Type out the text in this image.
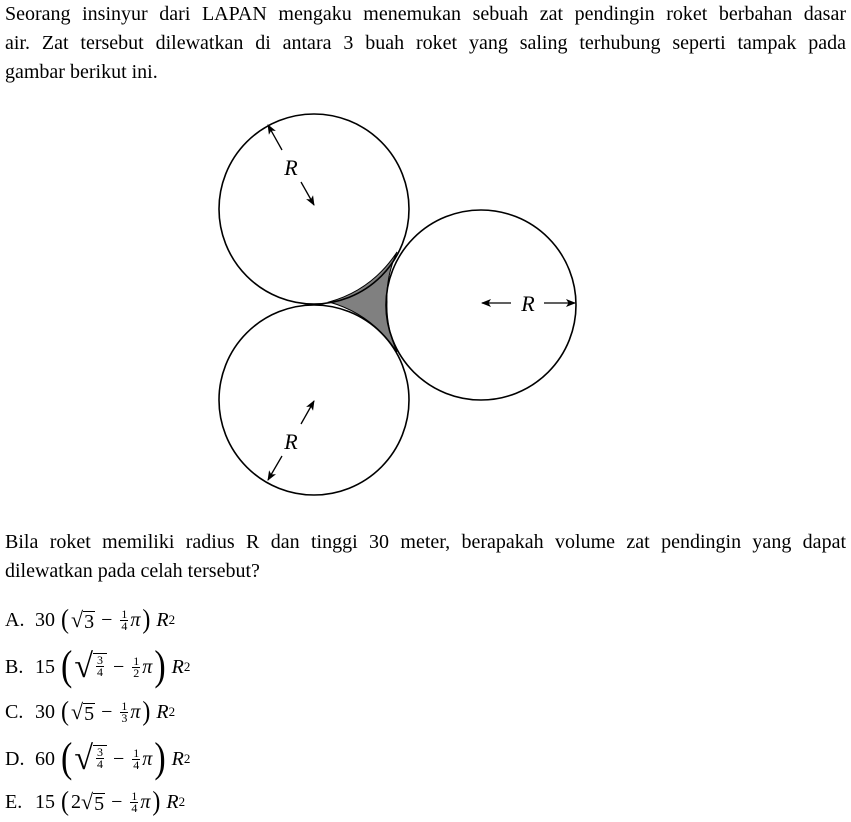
Seorang insinyur dari LAPAN mengaku menemukan sebuah zat pendingin roket berbahan dasar
air. Zat tersebut dilewatkan di antara 3 buah roket yang saling terhubung seperti tampak pada
gambar berikut ini.
R
R
R
Bila roket memiliki radius R dan tinggi 30 meter, berapakah volume zat pendingin yang dapat
dilewatkan pada celah tersebut?
A. 30 ( √ $3 - \frac{1}{4}$ π ) R 2
B. 15 ( √ $\frac{3}{4} - \frac{1}{2}$ π ) R 2
C. 30 ( √ $5 - \frac{1}{3}$ π ) R 2
D. 60 ( √ $\frac{3}{4} - \frac{1}{4}$ π ) R 2
E. 15 ( 2 √ $5 - \frac{1}{4}$ π ) R 2
